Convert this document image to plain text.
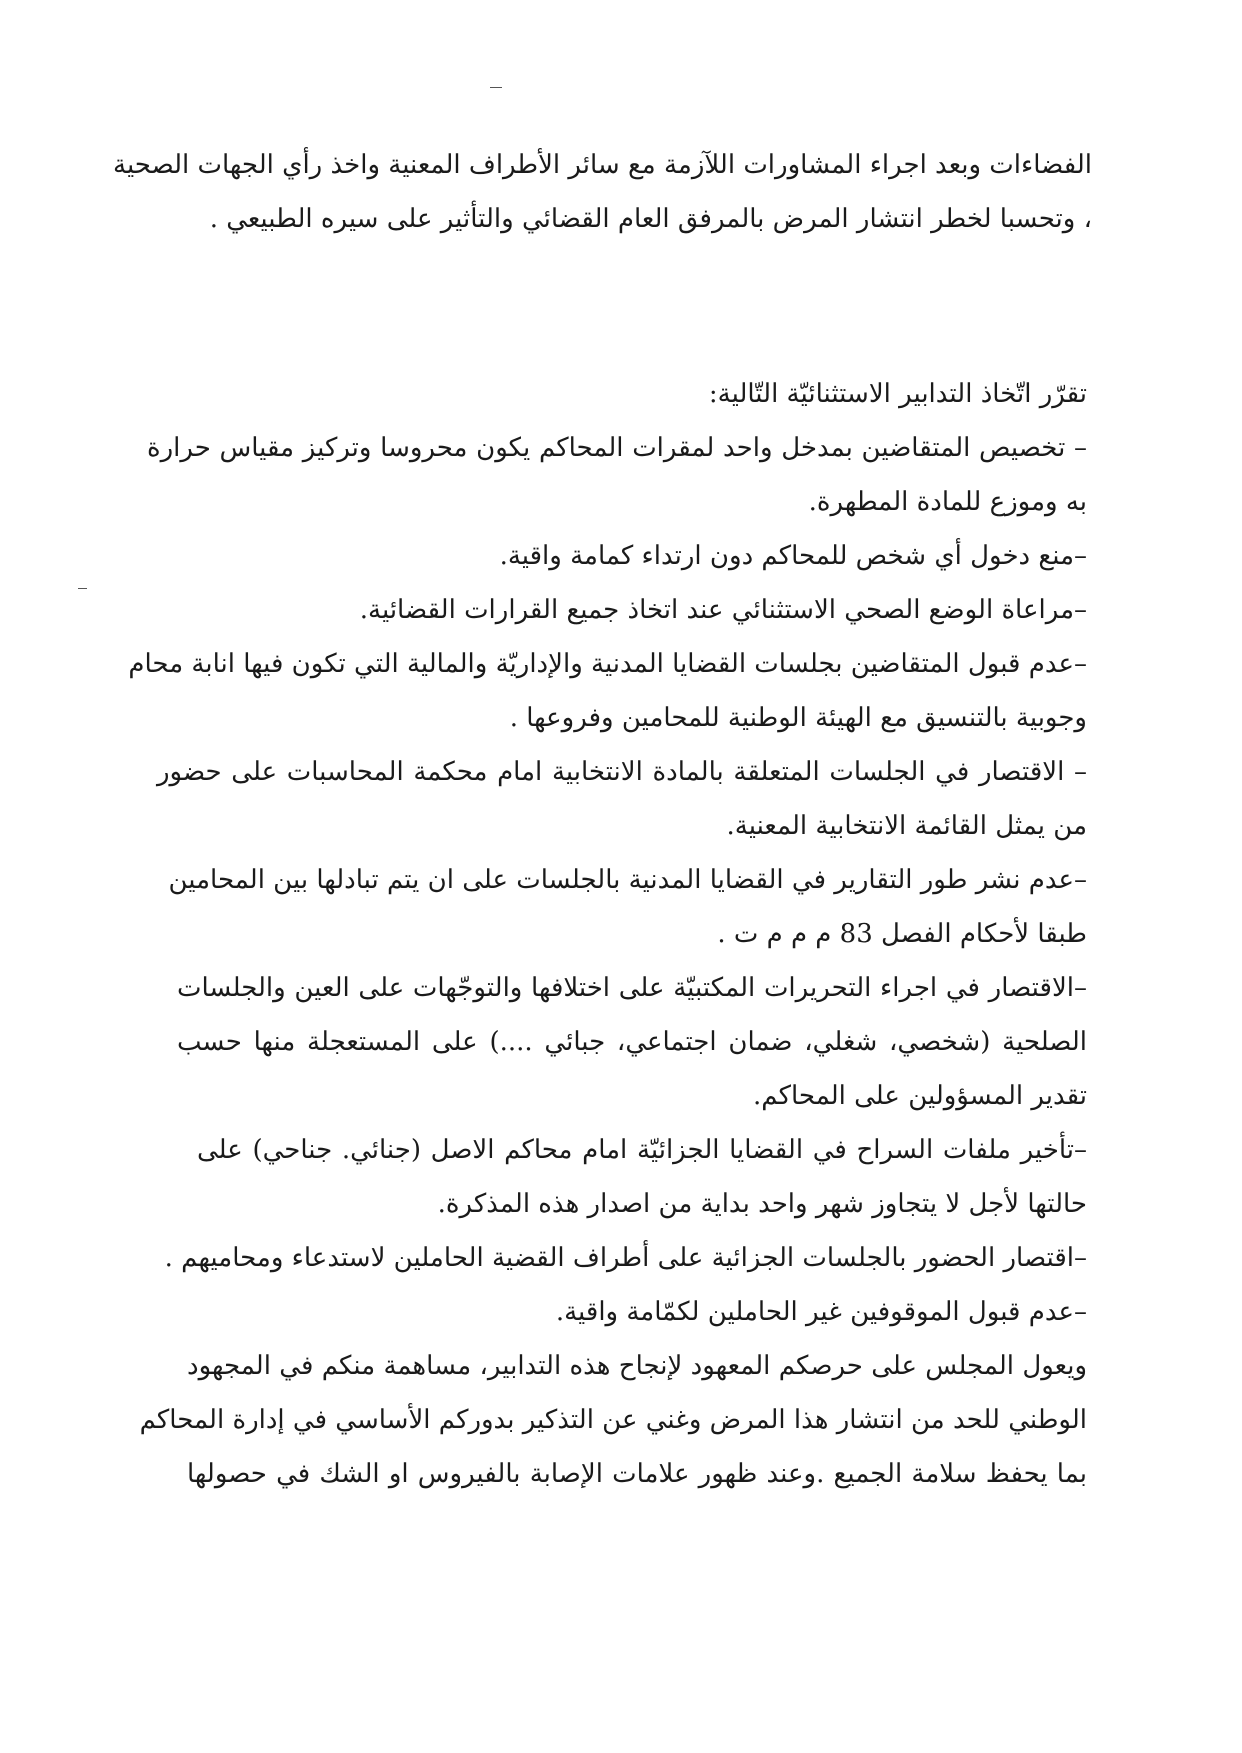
الفضاءات وبعد اجراء المشاورات اللآزمة مع سائر الأطراف المعنية واخذ رأي الجهات الصحية
، وتحسبا لخطر انتشار المرض بالمرفق العام القضائي والتأثير على سيره الطبيعي .
تقرّر اتّخاذ التدابير الاستثنائيّة التّالية:
– تخصيص المتقاضين بمدخل واحد لمقرات المحاكم يكون محروسا وتركيز مقياس حرارة
به وموزع للمادة المطهرة.
–منع دخول أي شخص للمحاكم دون ارتداء كمامة واقية.
–مراعاة الوضع الصحي الاستثنائي عند اتخاذ جميع القرارات القضائية.
–عدم قبول المتقاضين بجلسات القضايا المدنية والإداريّة والمالية التي تكون فيها انابة محام
وجوبية بالتنسيق مع الهيئة الوطنية للمحامين وفروعها .
– الاقتصار في الجلسات المتعلقة بالمادة الانتخابية امام محكمة المحاسبات على حضور
من يمثل القائمة الانتخابية المعنية.
–عدم نشر طور التقارير في القضايا المدنية بالجلسات على ان يتم تبادلها بين المحامين
طبقا لأحكام الفصل 83 م م م ت .
–الاقتصار في اجراء التحريرات المكتبيّة على اختلافها والتوجّهات على العين والجلسات
الصلحية (شخصي، شغلي، ضمان اجتماعي، جبائي ....) على المستعجلة منها حسب
تقدير المسؤولين على المحاكم.
–تأخير ملفات السراح في القضايا الجزائيّة امام محاكم الاصل (جنائي. جناحي) على
حالتها لأجل لا يتجاوز شهر واحد بداية من اصدار هذه المذكرة.
–اقتصار الحضور بالجلسات الجزائية على أطراف القضية الحاملين لاستدعاء ومحاميهم .
–عدم قبول الموقوفين غير الحاملين لكمّامة واقية.
ويعول المجلس على حرصكم المعهود لإنجاح هذه التدابير، مساهمة منكم في المجهود
الوطني للحد من انتشار هذا المرض وغني عن التذكير بدوركم الأساسي في إدارة المحاكم
بما يحفظ سلامة الجميع .وعند ظهور علامات الإصابة بالفيروس او الشك في حصولها
